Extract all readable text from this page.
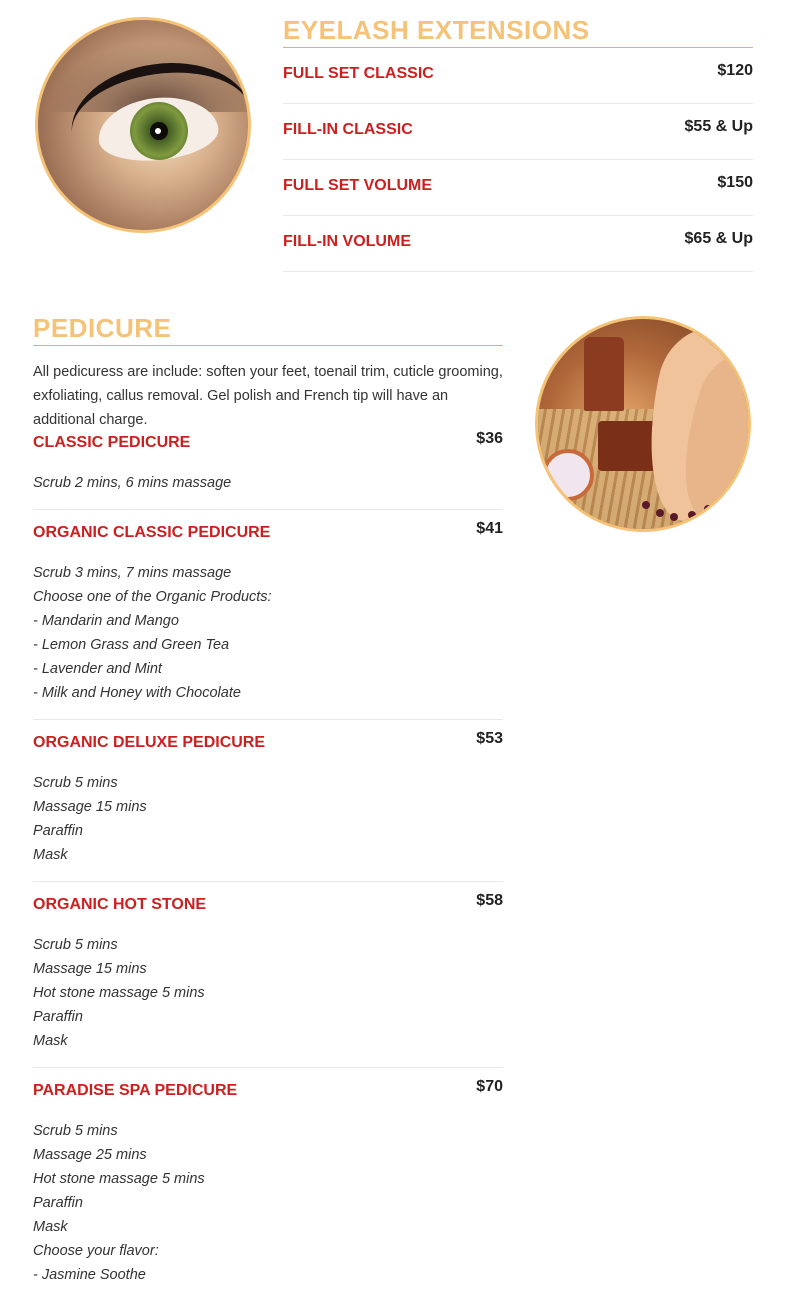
EYELASH EXTENSIONS
FULL SET CLASSIC	$120
FILL-IN CLASSIC	$55 & Up
FULL SET VOLUME	$150
FILL-IN VOLUME	$65 & Up
PEDICURE

All pedicuress are include: soften your feet, toenail trim, cuticle grooming, exfoliating, callus removal. Gel polish and French tip will have an additional charge.

CLASSIC PEDICURE	$36
Scrub 2 mins, 6 mins massage
ORGANIC CLASSIC PEDICURE	$41
Scrub 3 mins, 7 mins massage
Choose one of the Organic Products:
- Mandarin and Mango
- Lemon Grass and Green Tea
- Lavender and Mint
- Milk and Honey with Chocolate
ORGANIC DELUXE PEDICURE	$53
Scrub 5 mins
Massage 15 mins
Paraffin
Mask
ORGANIC HOT STONE	$58
Scrub 5 mins
Massage 15 mins
Hot stone massage 5 mins
Paraffin
Mask
PARADISE SPA PEDICURE	$70
Scrub 5 mins
Massage 25 mins
Hot stone massage 5 mins
Paraffin
Mask
Choose your flavor:
- Jasmine Soothe
